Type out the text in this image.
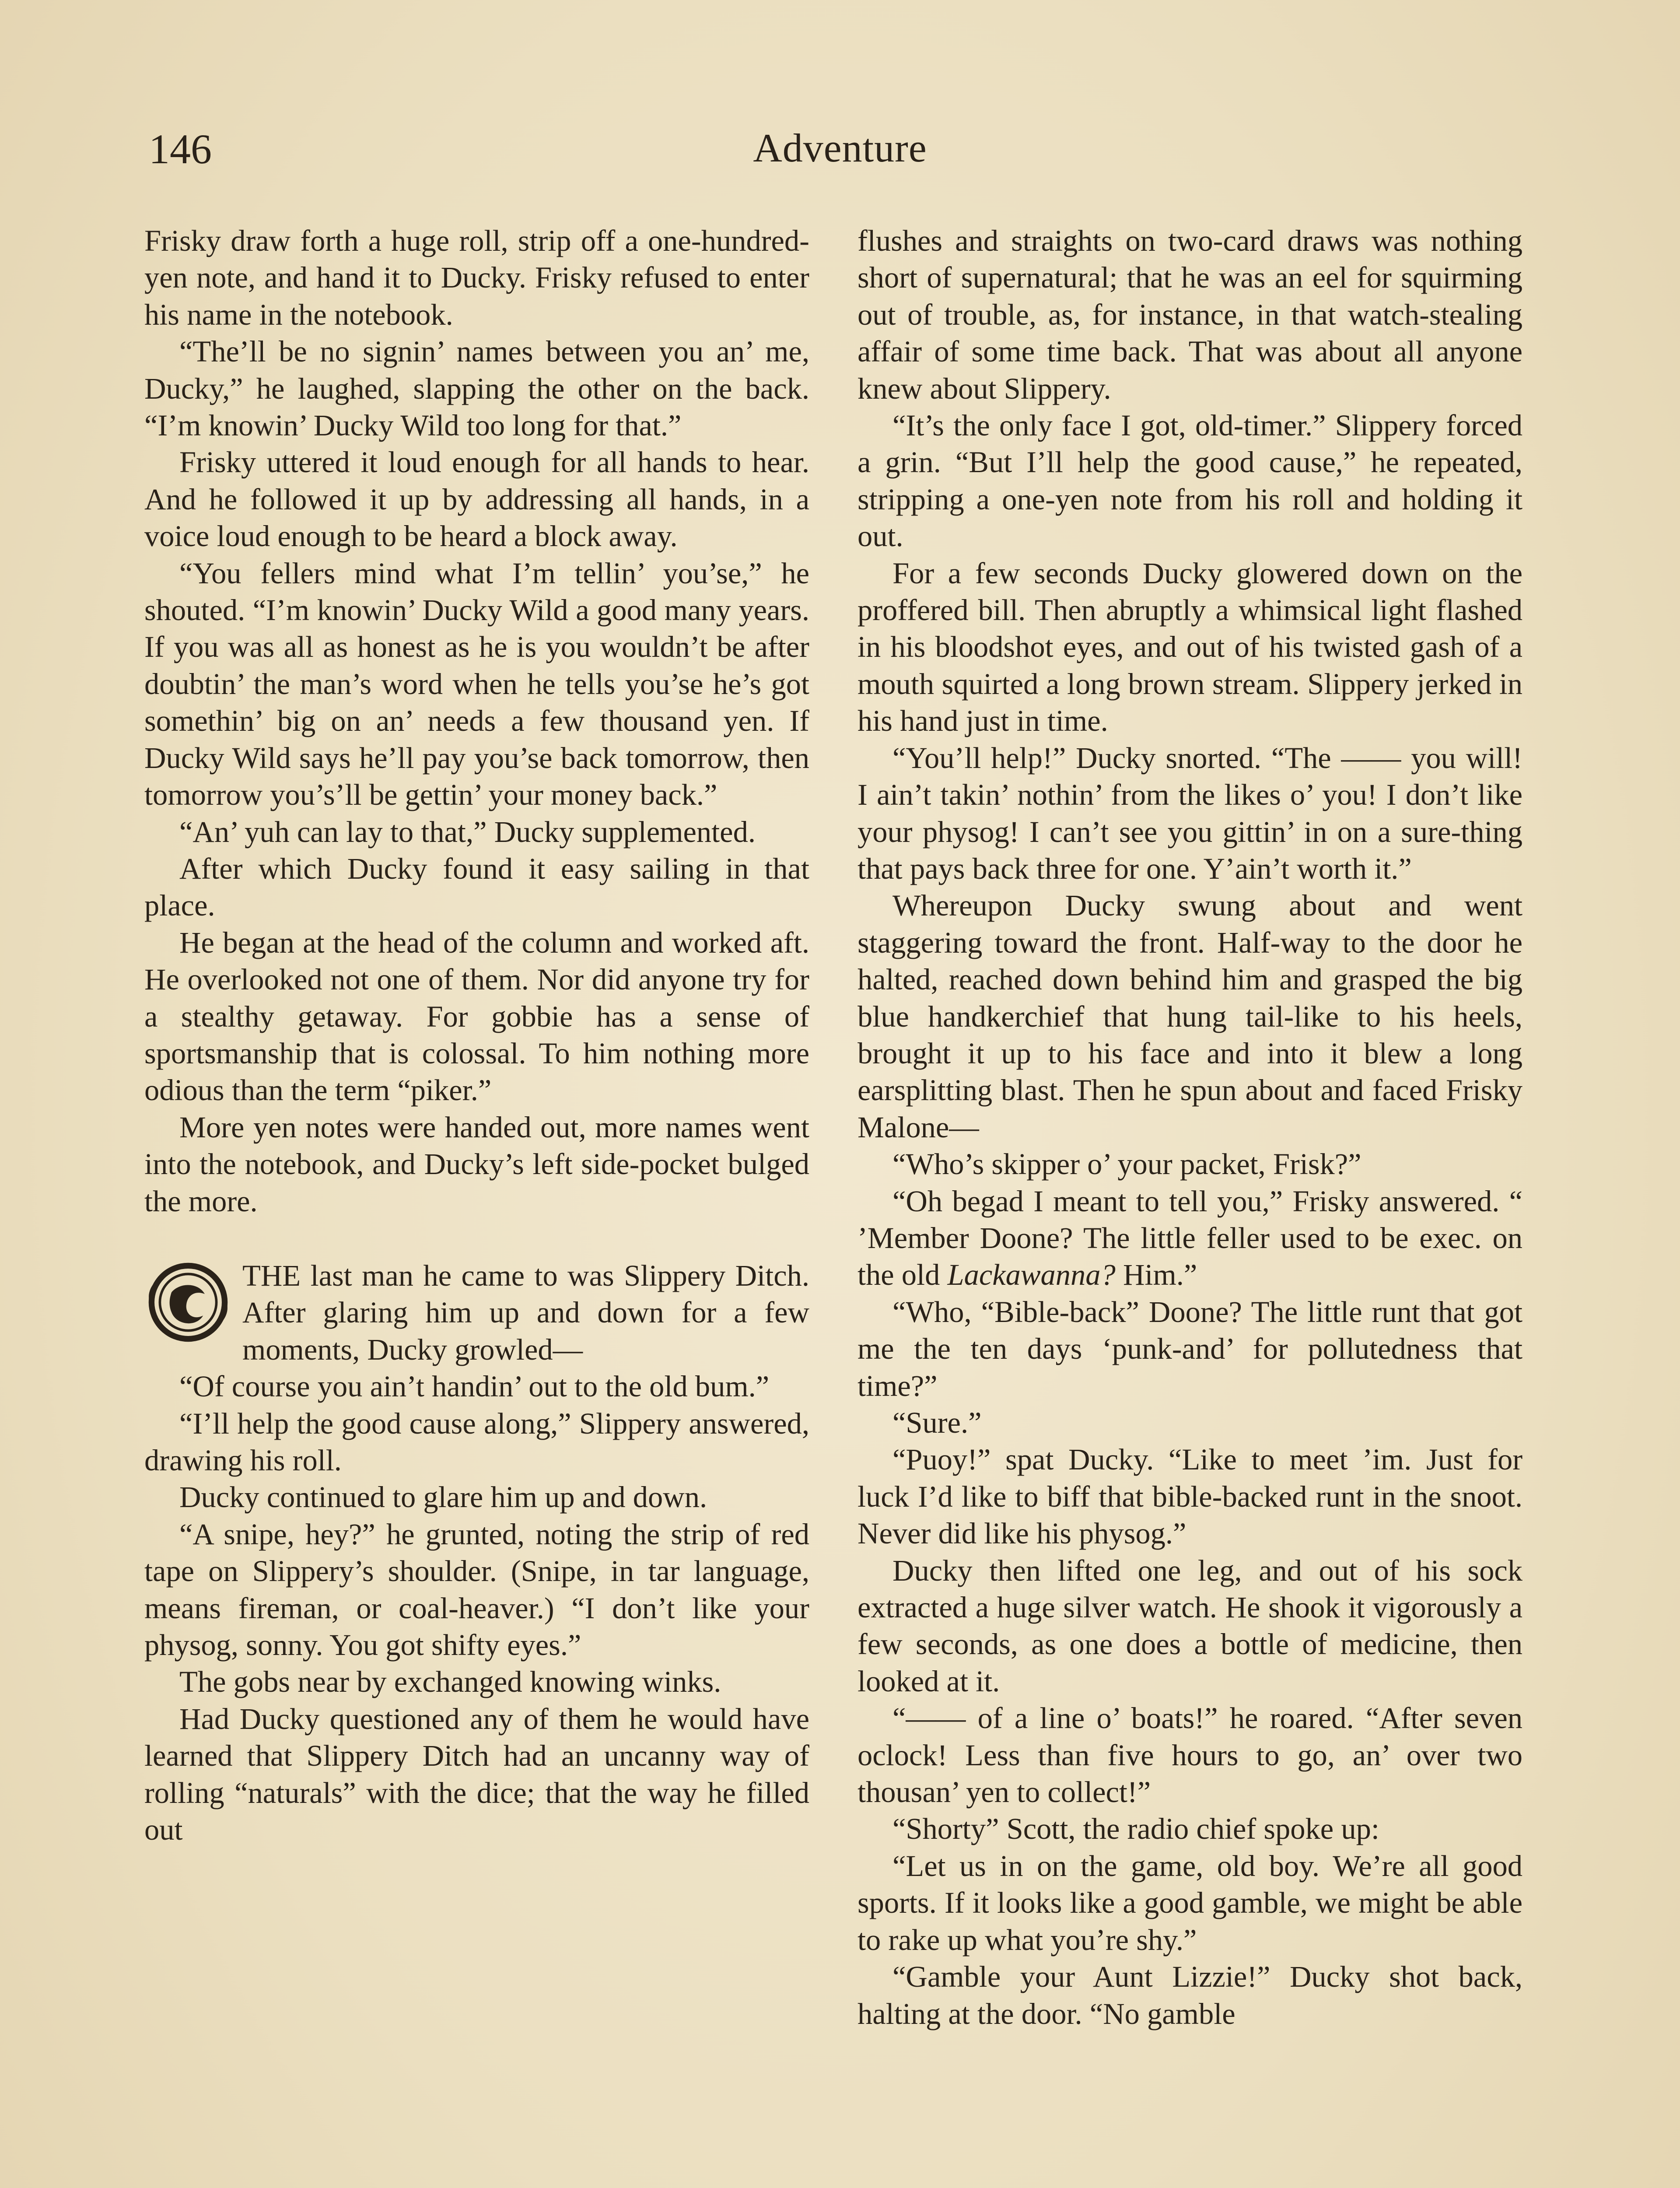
146	Adventure

Frisky draw forth a huge roll, strip off a one-hundred-yen note, and hand it to Ducky. Frisky refused to enter his name in the notebook.

“The’ll be no signin’ names between you an’ me, Ducky,” he laughed, slapping the other on the back. “I’m knowin’ Ducky Wild too long for that.”

Frisky uttered it loud enough for all hands to hear. And he followed it up by addressing all hands, in a voice loud enough to be heard a block away.

“You fellers mind what I’m tellin’ you’se,” he shouted. “I’m knowin’ Ducky Wild a good many years. If you was all as honest as he is you wouldn’t be after doubtin’ the man’s word when he tells you’se he’s got somethin’ big on an’ needs a few thousand yen. If Ducky Wild says he’ll pay you’se back tomorrow, then tomorrow you’s’ll be gettin’ your money back.”

“An’ yuh can lay to that,” Ducky supplemented.

After which Ducky found it easy sailing in that place.

He began at the head of the column and worked aft. He overlooked not one of them. Nor did anyone try for a stealthy getaway. For gobbie has a sense of sportsmanship that is colossal. To him nothing more odious than the term “piker.”

More yen notes were handed out, more names went into the notebook, and Ducky’s left side-pocket bulged the more.

THE last man he came to was Slippery Ditch. After glaring him up and down for a few moments, Ducky growled—

“Of course you ain’t handin’ out to the old bum.”

“I’ll help the good cause along,” Slippery answered, drawing his roll.

Ducky continued to glare him up and down.

“A snipe, hey?” he grunted, noting the strip of red tape on Slippery’s shoulder. (Snipe, in tar language, means fireman, or coal-heaver.) “I don’t like your physog, sonny. You got shifty eyes.”

The gobs near by exchanged knowing winks.

Had Ducky questioned any of them he would have learned that Slippery Ditch had an uncanny way of rolling “naturals” with the dice; that the way he filled out

flushes and straights on two-card draws was nothing short of supernatural; that he was an eel for squirming out of trouble, as, for instance, in that watch-stealing affair of some time back. That was about all anyone knew about Slippery.

“It’s the only face I got, old-timer.” Slippery forced a grin. “But I’ll help the good cause,” he repeated, stripping a one-yen note from his roll and holding it out.

For a few seconds Ducky glowered down on the proffered bill. Then abruptly a whimsical light flashed in his bloodshot eyes, and out of his twisted gash of a mouth squirted a long brown stream. Slippery jerked in his hand just in time.

“You’ll help!” Ducky snorted. “The —— you will! I ain’t takin’ nothin’ from the likes o’ you! I don’t like your physog! I can’t see you gittin’ in on a sure-thing that pays back three for one. Y’ain’t worth it.”

Whereupon Ducky swung about and went staggering toward the front. Half-way to the door he halted, reached down behind him and grasped the big blue handkerchief that hung tail-like to his heels, brought it up to his face and into it blew a long earsplitting blast. Then he spun about and faced Frisky Malone—

“Who’s skipper o’ your packet, Frisk?”

“Oh begad I meant to tell you,” Frisky answered. “ ’Member Doone? The little feller used to be exec. on the old Lackawanna? Him.”

“Who, “Bible-back” Doone? The little runt that got me the ten days ‘punk-and’ for pollutedness that time?”

“Sure.”

“Puoy!” spat Ducky. “Like to meet ’im. Just for luck I’d like to biff that bible-backed runt in the snoot. Never did like his physog.”

Ducky then lifted one leg, and out of his sock extracted a huge silver watch. He shook it vigorously a few seconds, as one does a bottle of medicine, then looked at it.

“—— of a line o’ boats!” he roared. “After seven oclock! Less than five hours to go, an’ over two thousan’ yen to collect!”

“Shorty” Scott, the radio chief spoke up:

“Let us in on the game, old boy. We’re all good sports. If it looks like a good gamble, we might be able to rake up what you’re shy.”

“Gamble your Aunt Lizzie!” Ducky shot back, halting at the door. “No gamble
